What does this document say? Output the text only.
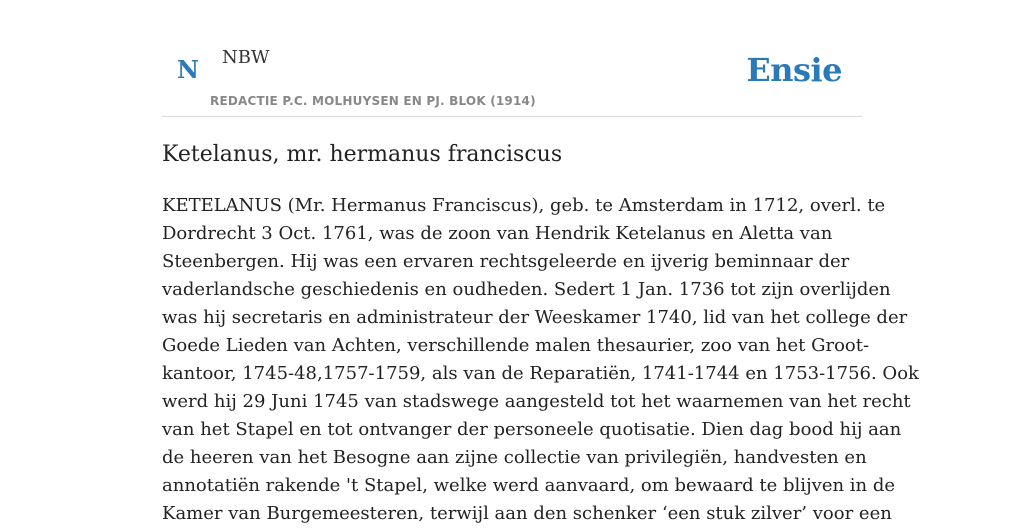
N NBW
REDACTIE P.C. MOLHUYSEN EN PJ. BLOK (1914)
Ensie
Ketelanus, mr. hermanus franciscus
KETELANUS (Mr. Hermanus Franciscus), geb. te Amsterdam in 1712, overl. te
Dordrecht 3 Oct. 1761, was de zoon van Hendrik Ketelanus en Aletta van
Steenbergen. Hij was een ervaren rechtsgeleerde en ijverig beminnaar der
vaderlandsche geschiedenis en oudheden. Sedert 1 Jan. 1736 tot zijn overlijden
was hij secretaris en administrateur der Weeskamer 1740, lid van het college der
Goede Lieden van Achten, verschillende malen thesaurier, zoo van het Groot-
kantoor, 1745-48,1757-1759, als van de Reparatiën, 1741-1744 en 1753-1756. Ook
werd hij 29 Juni 1745 van stadswege aangesteld tot het waarnemen van het recht
van het Stapel en tot ontvanger der personeele quotisatie. Dien dag bood hij aan
de heeren van het Besogne aan zijne collectie van privilegiën, handvesten en
annotatiën rakende 't Stapel, welke werd aanvaard, om bewaard te blijven in de
Kamer van Burgemeesteren, terwijl aan den schenker ‘een stuk zilver’ voor een
